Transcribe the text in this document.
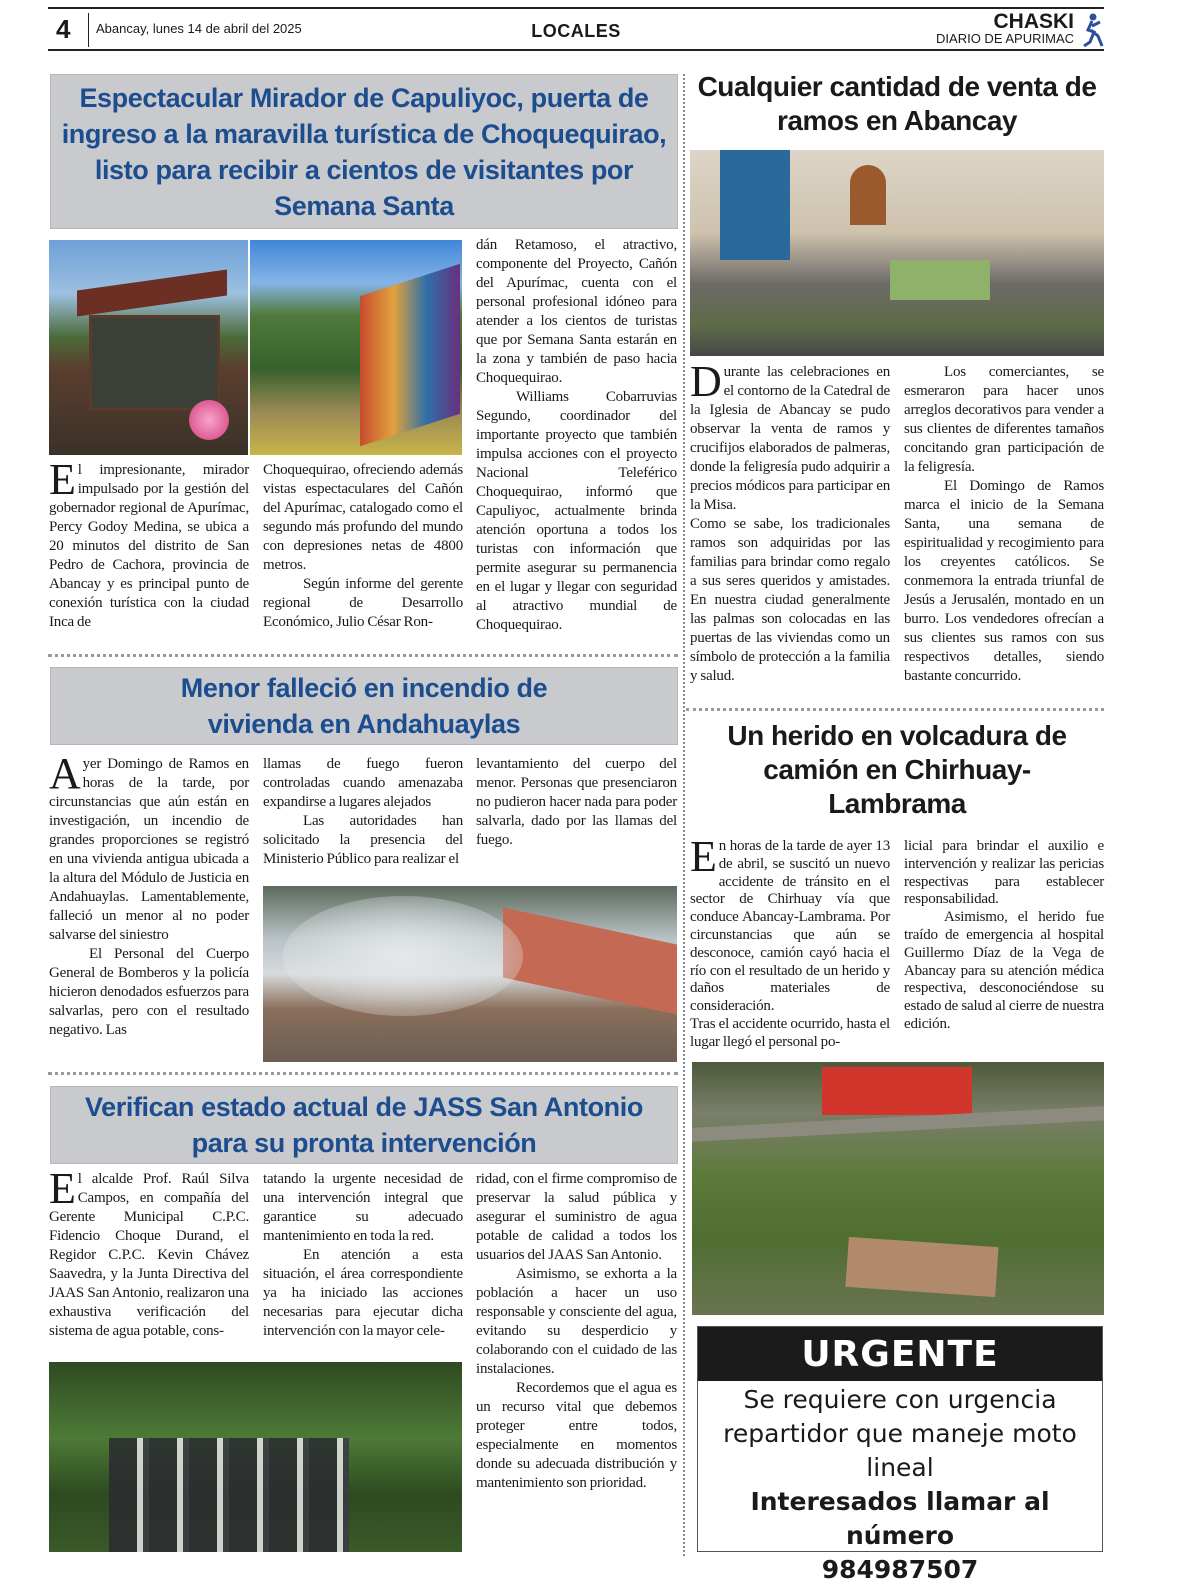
4 Abancay, lunes 14 de abril del 2025	LOCALES	CHASKI
DIARIO DE APURIMAC
Espectacular Mirador de Capuliyoc, puerta de ingreso a la maravilla turística de Choquequirao, listo para recibir a cientos de visitantes por Semana Santa

El impresionante, mirador impulsado por la gestión del gobernador regional de Apurímac, Percy Godoy Medina, se ubica a 20 minutos del distrito de San Pedro de Cachora, provincia de Abancay y es principal punto de conexión turística con la ciudad Inca de

Choquequirao, ofreciendo además vistas espectaculares del Cañón del Apurímac, catalogado como el segundo más profundo del mundo con depresiones netas de 4800 metros.

Según informe del gerente regional de Desarrollo Económico, Julio César Ron-

dán Retamoso, el atractivo, componente del Proyecto, Cañón del Apurímac, cuenta con el personal profesional idóneo para atender a los cientos de turistas que por Semana Santa estarán en la zona y también de paso hacia Choquequirao.

Williams Cobarruvias Segundo, coordinador del importante proyecto que también impulsa acciones con el proyecto Nacional Teleférico Choquequirao, informó que Capuliyoc, actualmente brinda atención oportuna a todos los turistas con información que permite asegurar su permanencia en el lugar y llegar con seguridad al atractivo mundial de Choquequirao.

Menor falleció en incendio de vivienda en Andahuaylas

Ayer Domingo de Ramos en horas de la tarde, por circunstancias que aún están en investigación, un incendio de grandes proporciones se registró en una vivienda antigua ubicada a la altura del Módulo de Justicia en Andahuaylas. Lamentablemente, falleció un menor al no poder salvarse del siniestro

El Personal del Cuerpo General de Bomberos y la policía hicieron denodados esfuerzos para salvarlas, pero con el resultado negativo. Las

llamas de fuego fueron controladas cuando amenazaba expandirse a lugares alejados

Las autoridades han solicitado la presencia del Ministerio Público para realizar el

levantamiento del cuerpo del menor. Personas que presenciaron no pudieron hacer nada para poder salvarla, dado por las llamas del fuego.

Verifican estado actual de JASS San Antonio para su pronta intervención

El alcalde Prof. Raúl Silva Campos, en compañía del Gerente Municipal C.P.C. Fidencio Choque Durand, el Regidor C.P.C. Kevin Chávez Saavedra, y la Junta Directiva del JAAS San Antonio, realizaron una exhaustiva verificación del sistema de agua potable, cons-

tatando la urgente necesidad de una intervención integral que garantice su adecuado mantenimiento en toda la red.

En atención a esta situación, el área correspondiente ya ha iniciado las acciones necesarias para ejecutar dicha intervención con la mayor cele-

ridad, con el firme compromiso de preservar la salud pública y asegurar el suministro de agua potable de calidad a todos los usuarios del JAAS San Antonio.

Asimismo, se exhorta a la población a hacer un uso responsable y consciente del agua, evitando su desperdicio y colaborando con el cuidado de las instalaciones.

Recordemos que el agua es un recurso vital que debemos proteger entre todos, especialmente en momentos donde su adecuada distribución y mantenimiento son prioridad.

Cualquier cantidad de venta de ramos en Abancay

Durante las celebraciones en el contorno de la Catedral de la Iglesia de Abancay se pudo observar la venta de ramos y crucifijos elaborados de palmeras, donde la feligresía pudo adquirir a precios módicos para participar en la Misa.

Como se sabe, los tradicionales ramos son adquiridas por las familias para brindar como regalo a sus seres queridos y amistades. En nuestra ciudad generalmente las palmas son colocadas en las puertas de las viviendas como un símbolo de protección a la familia y salud.

Los comerciantes, se esmeraron para hacer unos arreglos decorativos para vender a sus clientes de diferentes tamaños concitando gran participación de la feligresía.

El Domingo de Ramos marca el inicio de la Semana Santa, una semana de espiritualidad y recogimiento para los creyentes católicos. Se conmemora la entrada triunfal de Jesús a Jerusalén, montado en un burro. Los vendedores ofrecían a sus clientes sus ramos con sus respectivos detalles, siendo bastante concurrido.

Un herido en volcadura de camión en Chirhuay-Lambrama

En horas de la tarde de ayer 13 de abril, se suscitó un nuevo accidente de tránsito en el sector de Chirhuay vía que conduce Abancay-Lambrama. Por circunstancias que aún se desconoce, camión cayó hacia el río con el resultado de un herido y daños materiales de consideración.

Tras el accidente ocurrido, hasta el lugar llegó el personal po-

licial para brindar el auxilio e intervención y realizar las pericias respectivas para establecer responsabilidad.

Asimismo, el herido fue traído de emergencia al hospital Guillermo Díaz de la Vega de Abancay para su atención médica respectiva, desconociéndose su estado de salud al cierre de nuestra edición.

URGENTE
Se requiere con urgencia repartidor que maneje moto lineal
Interesados llamar al número
984987507
